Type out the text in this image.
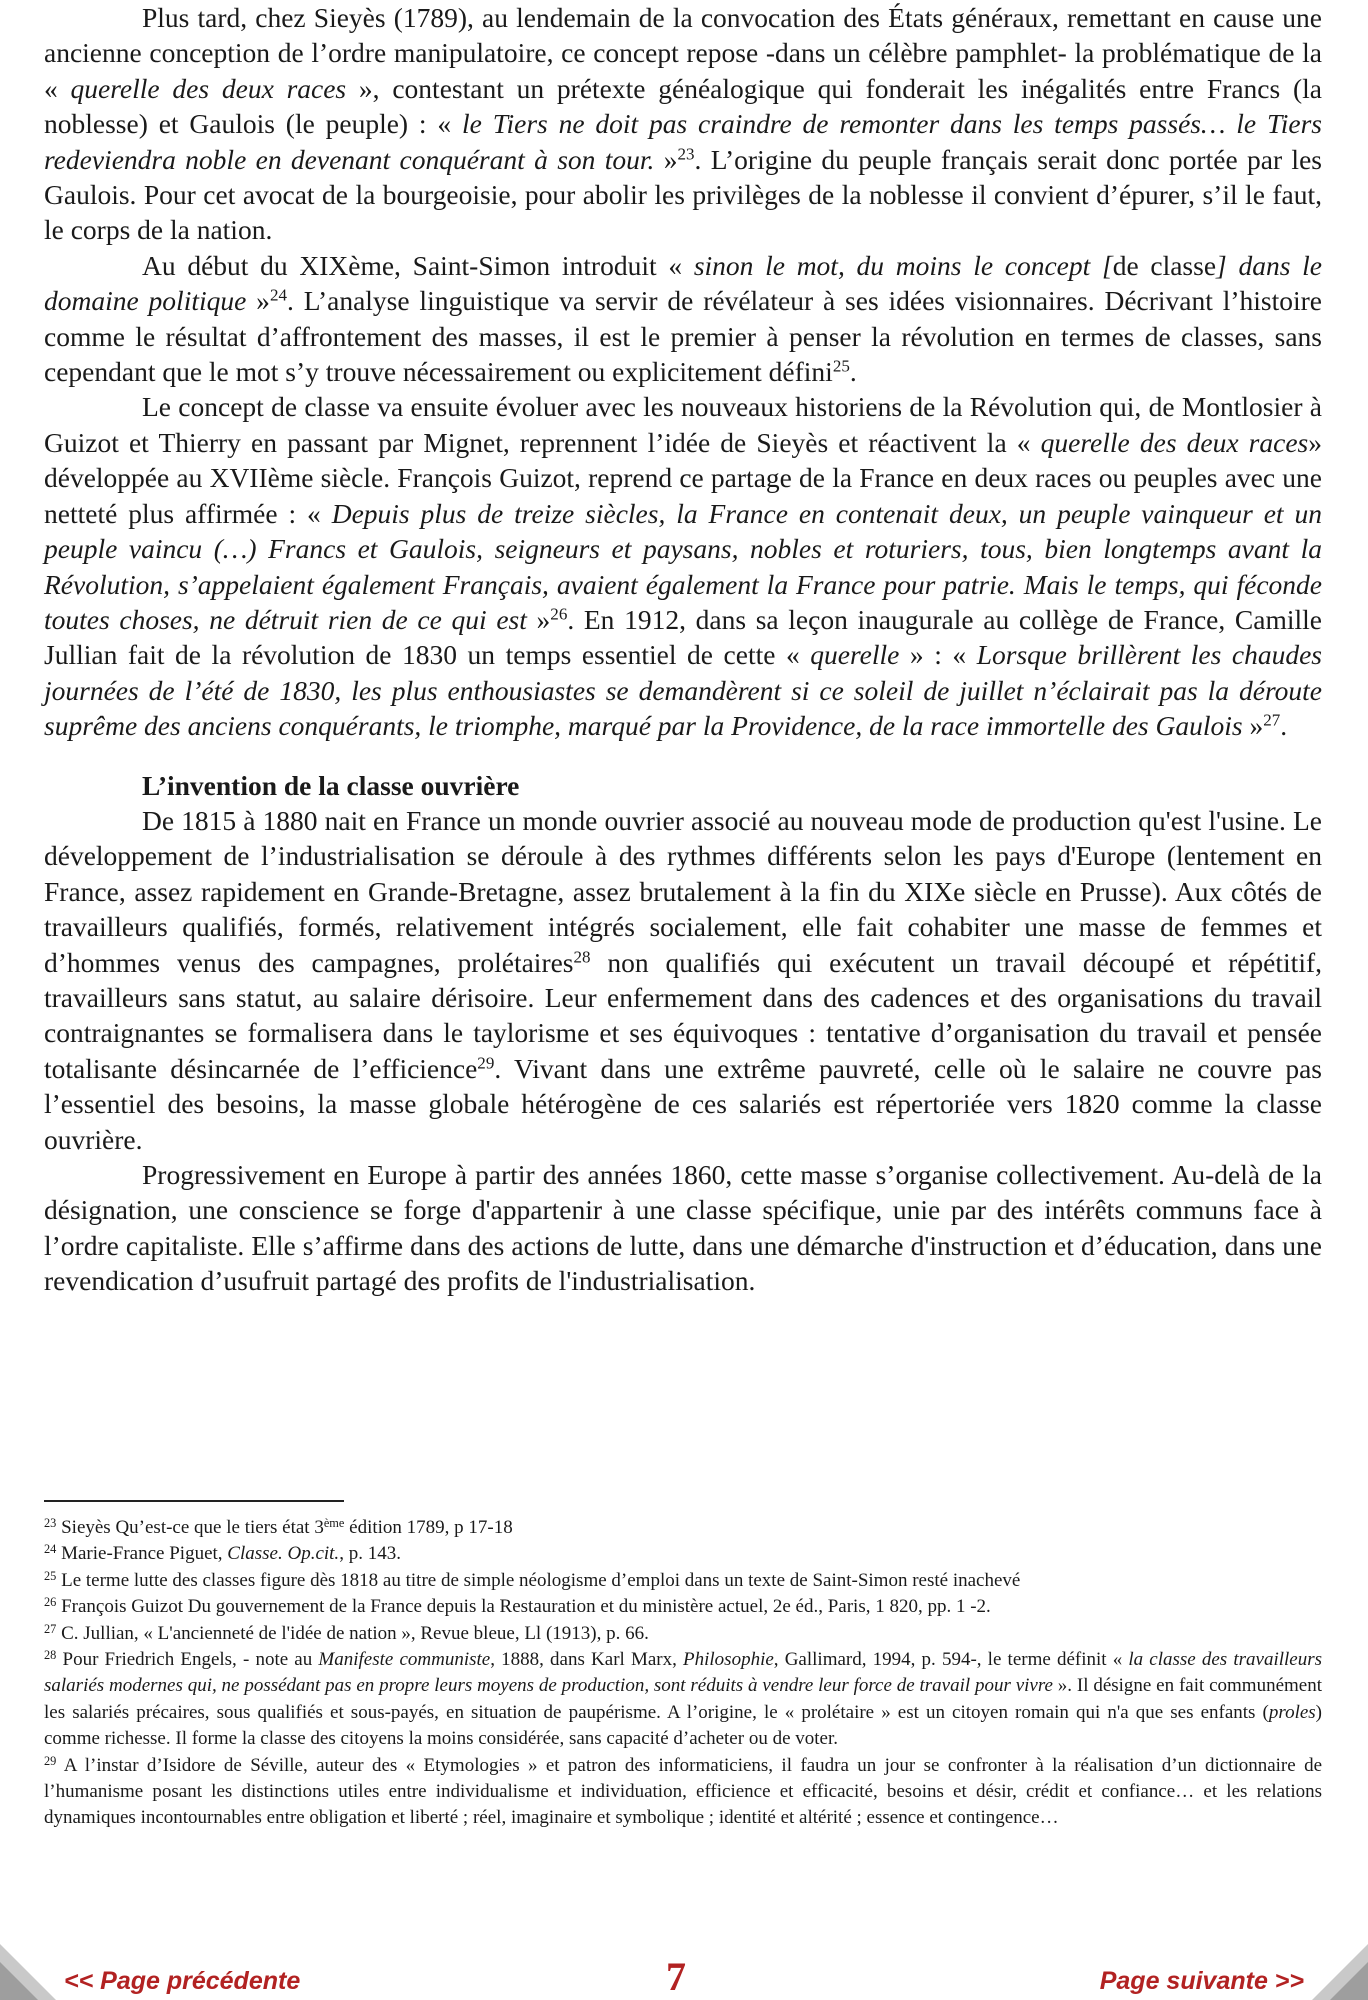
Plus tard, chez Sieyès (1789), au lendemain de la convocation des États généraux, remettant en cause une ancienne conception de l’ordre manipulatoire, ce concept repose -dans un célèbre pamphlet- la problématique de la « querelle des deux races », contestant un prétexte généalogique qui fonderait les inégalités entre Francs (la noblesse) et Gaulois (le peuple) : « le Tiers ne doit pas craindre de remonter dans les temps passés… le Tiers redeviendra noble en devenant conquérant à son tour. »$^{23}$. L’origine du peuple français serait donc portée par les Gaulois. Pour cet avocat de la bourgeoisie, pour abolir les privilèges de la noblesse il convient d’épurer, s’il le faut, le corps de la nation.

Au début du XIXème, Saint-Simon introduit « sinon le mot, du moins le concept [de classe] dans le domaine politique »$^{24}$. L’analyse linguistique va servir de révélateur à ses idées visionnaires. Décrivant l’histoire comme le résultat d’affrontement des masses, il est le premier à penser la révolution en termes de classes, sans cependant que le mot s’y trouve nécessairement ou explicitement défini$^{25}$.

Le concept de classe va ensuite évoluer avec les nouveaux historiens de la Révolution qui, de Montlosier à Guizot et Thierry en passant par Mignet, reprennent l’idée de Sieyès et réactivent la « querelle des deux races» développée au XVIIème siècle. François Guizot, reprend ce partage de la France en deux races ou peuples avec une netteté plus affirmée : « Depuis plus de treize siècles, la France en contenait deux, un peuple vainqueur et un peuple vaincu (…) Francs et Gaulois, seigneurs et paysans, nobles et roturiers, tous, bien longtemps avant la Révolution, s’appelaient également Français, avaient également la France pour patrie. Mais le temps, qui féconde toutes choses, ne détruit rien de ce qui est »$^{26}$. En 1912, dans sa leçon inaugurale au collège de France, Camille Jullian fait de la révolution de 1830 un temps essentiel de cette « querelle » : « Lorsque brillèrent les chaudes journées de l’été de 1830, les plus enthousiastes se demandèrent si ce soleil de juillet n’éclairait pas la déroute suprême des anciens conquérants, le triomphe, marqué par la Providence, de la race immortelle des Gaulois »$^{27}$.

L’invention de la classe ouvrière

De 1815 à 1880 nait en France un monde ouvrier associé au nouveau mode de production qu'est l'usine. Le développement de l’industrialisation se déroule à des rythmes différents selon les pays d'Europe (lentement en France, assez rapidement en Grande-Bretagne, assez brutalement à la fin du XIXe siècle en Prusse). Aux côtés de travailleurs qualifiés, formés, relativement intégrés socialement, elle fait cohabiter une masse de femmes et d’hommes venus des campagnes, prolétaires$^{28}$ non qualifiés qui exécutent un travail découpé et répétitif, travailleurs sans statut, au salaire dérisoire. Leur enfermement dans des cadences et des organisations du travail contraignantes se formalisera dans le taylorisme et ses équivoques : tentative d’organisation du travail et pensée totalisante désincarnée de l’efficience$^{29}$. Vivant dans une extrême pauvreté, celle où le salaire ne couvre pas l’essentiel des besoins, la masse globale hétérogène de ces salariés est répertoriée vers 1820 comme la classe ouvrière.

Progressivement en Europe à partir des années 1860, cette masse s’organise collectivement. Au-delà de la désignation, une conscience se forge d'appartenir à une classe spécifique, unie par des intérêts communs face à l’ordre capitaliste. Elle s’affirme dans des actions de lutte, dans une démarche d'instruction et d’éducation, dans une revendication d’usufruit partagé des profits de l'industrialisation.

$^{23}$ Sieyès Qu’est-ce que le tiers état 3ème édition 1789, p 17-18

$^{24}$ Marie-France Piguet, Classe. Op.cit., p. 143.

$^{25}$ Le terme lutte des classes figure dès 1818 au titre de simple néologisme d’emploi dans un texte de Saint-Simon resté inachevé

$^{26}$ François Guizot Du gouvernement de la France depuis la Restauration et du ministère actuel, 2e éd., Paris, 1 820, pp. 1 -2.

$^{27}$ C. Jullian, « L'ancienneté de l'idée de nation », Revue bleue, Ll (1913), p. 66.

$^{28}$ Pour Friedrich Engels, - note au Manifeste communiste, 1888, dans Karl Marx, Philosophie, Gallimard, 1994, p. 594-, le terme définit « la classe des travailleurs salariés modernes qui, ne possédant pas en propre leurs moyens de production, sont réduits à vendre leur force de travail pour vivre ». Il désigne en fait communément les salariés précaires, sous qualifiés et sous-payés, en situation de paupérisme. A l’origine, le « prolétaire » est un citoyen romain qui n'a que ses enfants (proles) comme richesse. Il forme la classe des citoyens la moins considérée, sans capacité d’acheter ou de voter.

$^{29}$ A l’instar d’Isidore de Séville, auteur des « Etymologies » et patron des informaticiens, il faudra un jour se confronter à la réalisation d’un dictionnaire de l’humanisme posant les distinctions utiles entre individualisme et individuation, efficience et efficacité, besoins et désir, crédit et confiance… et les relations dynamiques incontournables entre obligation et liberté ; réel, imaginaire et symbolique ; identité et altérité ; essence et contingence…

<< Page précédente	7	Page suivante >>
